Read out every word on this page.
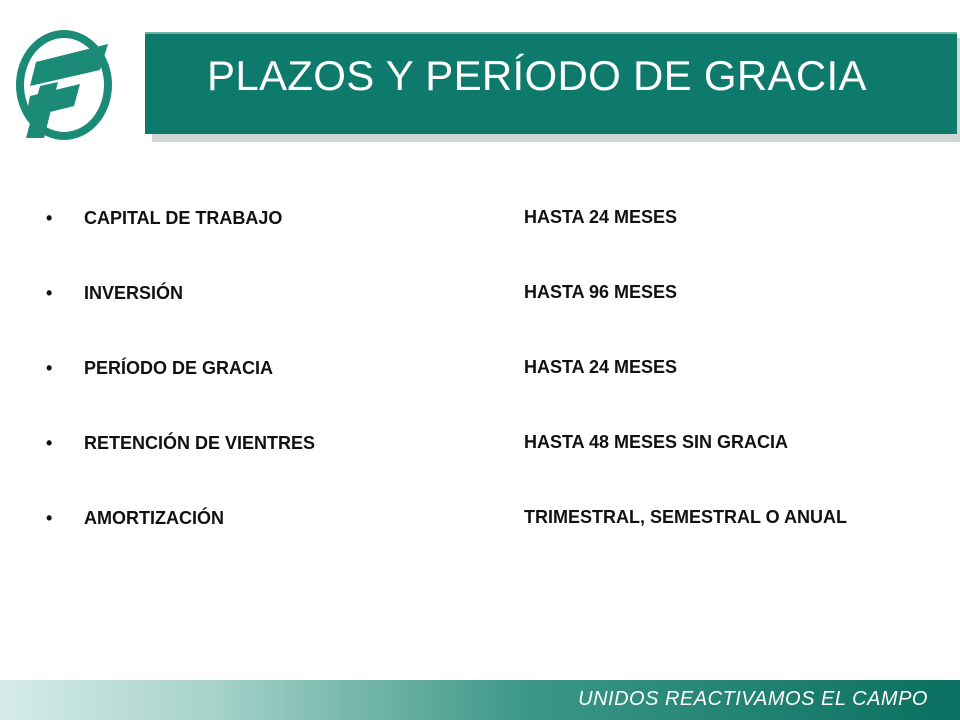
PLAZOS Y PERÍODO DE GRACIA
• CAPITAL DE TRABAJO	HASTA 24 MESES
• INVERSIÓN	HASTA 96 MESES
• PERÍODO DE GRACIA	HASTA 24 MESES
• RETENCIÓN DE VIENTRES	HASTA 48 MESES SIN GRACIA
• AMORTIZACIÓN	TRIMESTRAL, SEMESTRAL O ANUAL
UNIDOS REACTIVAMOS EL CAMPO
